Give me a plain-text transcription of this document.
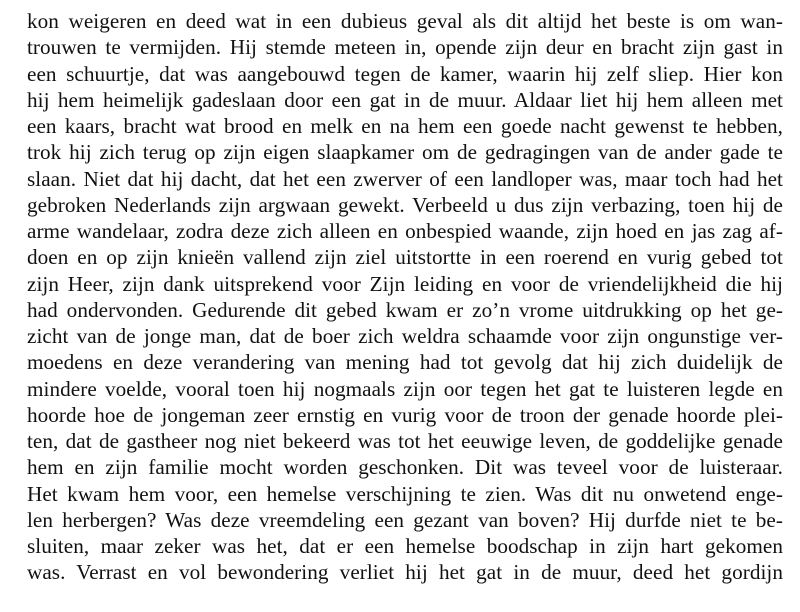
kon weigeren en deed wat in een dubieus geval als dit altijd het beste is om wan-
trouwen te vermijden. Hij stemde meteen in, opende zijn deur en bracht zijn gast in
een schuurtje, dat was aangebouwd tegen de kamer, waarin hij zelf sliep. Hier kon
hij hem heimelijk gadeslaan door een gat in de muur. Aldaar liet hij hem alleen met
een kaars, bracht wat brood en melk en na hem een goede nacht gewenst te hebben,
trok hij zich terug op zijn eigen slaapkamer om de gedragingen van de ander gade te
slaan. Niet dat hij dacht, dat het een zwerver of een landloper was, maar toch had het
gebroken Nederlands zijn argwaan gewekt. Verbeeld u dus zijn verbazing, toen hij de
arme wandelaar, zodra deze zich alleen en onbespied waande, zijn hoed en jas zag af-
doen en op zijn knieën vallend zijn ziel uitstortte in een roerend en vurig gebed tot
zijn Heer, zijn dank uitsprekend voor Zijn leiding en voor de vriendelijkheid die hij
had ondervonden. Gedurende dit gebed kwam er zo’n vrome uitdrukking op het ge-
zicht van de jonge man, dat de boer zich weldra schaamde voor zijn ongunstige ver-
moedens en deze verandering van mening had tot gevolg dat hij zich duidelijk de
mindere voelde, vooral toen hij nogmaals zijn oor tegen het gat te luisteren legde en
hoorde hoe de jongeman zeer ernstig en vurig voor de troon der genade hoorde plei-
ten, dat de gastheer nog niet bekeerd was tot het eeuwige leven, de goddelijke genade
hem en zijn familie mocht worden geschonken. Dit was teveel voor de luisteraar.
Het kwam hem voor, een hemelse verschijning te zien. Was dit nu onwetend enge-
len herbergen? Was deze vreemdeling een gezant van boven? Hij durfde niet te be-
sluiten, maar zeker was het, dat er een hemelse boodschap in zijn hart gekomen
was. Verrast en vol bewondering verliet hij het gat in de muur, deed het gordijn
